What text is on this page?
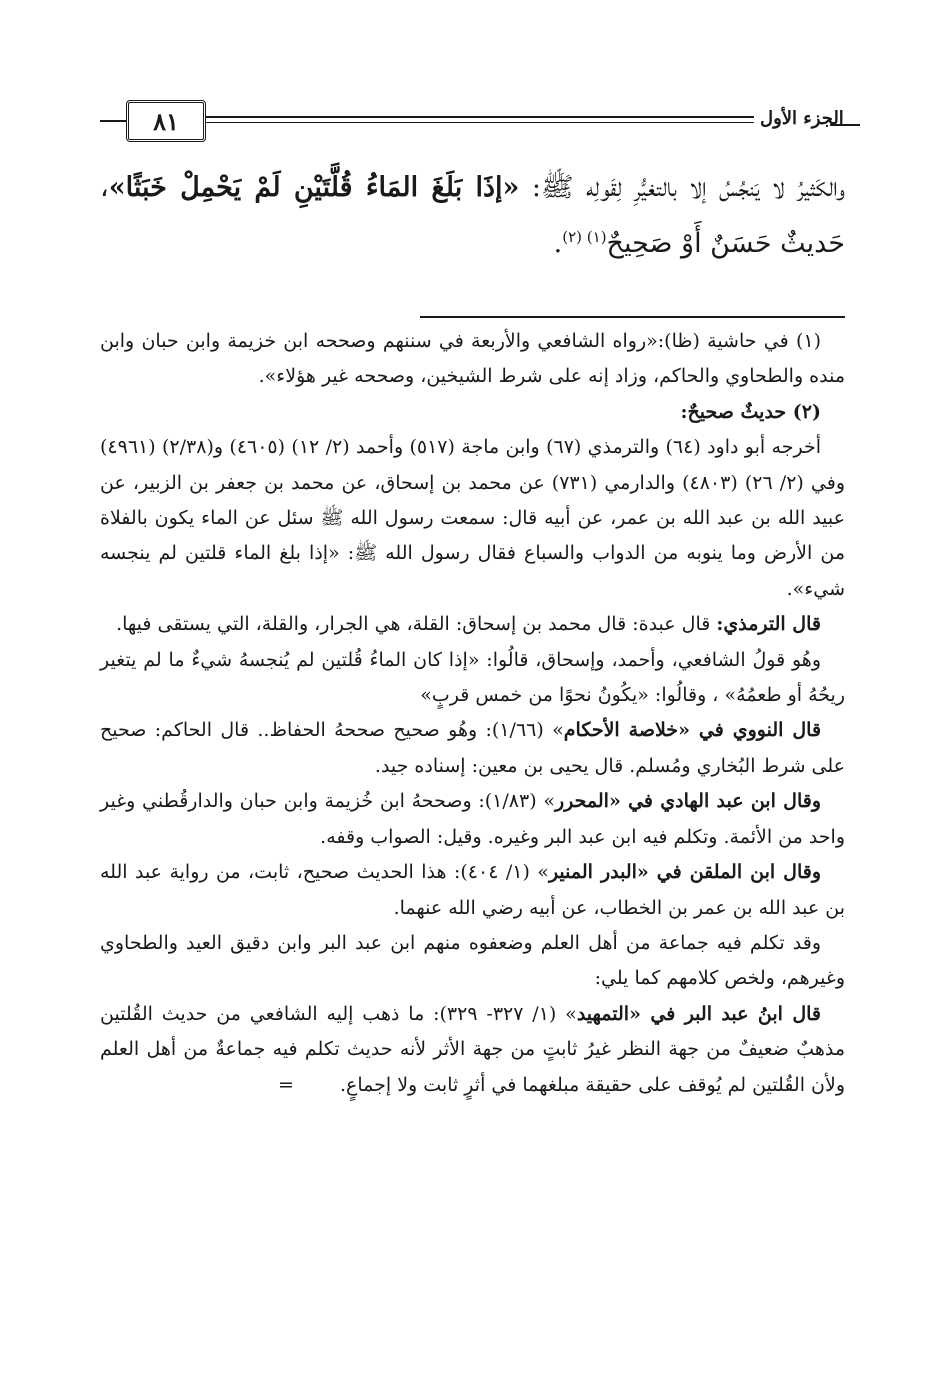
٨١	الجزء الأول
والكَثيرُ لا يَنجُسُ إلا بالتغيُّرِ لِقَولِه ﷺ: «إذَا بَلَغَ المَاءُ قُلَّتَيْنِ لَمْ يَحْمِلْ خَبَثًا»، حَديثٌ حَسَنٌ أَوْ صَحِيحٌ$^{(١) (٢)}$.

(١) في حاشية (ظا):«رواه الشافعي والأربعة في سننهم وصححه ابن خزيمة وابن حبان وابن منده والطحاوي والحاكم، وزاد إنه على شرط الشيخين، وصححه غير هؤلاء».

(٢) حديثٌ صحيحٌ:

أخرجه أبو داود (٦٤) والترمذي (٦٧) وابن ماجة (٥١٧) وأحمد (٢/ ١٢) (٤٦٠٥) و(٢/٣٨) (٤٩٦١) وفي (٢/ ٢٦) (٤٨٠٣) والدارمي (٧٣١) عن محمد بن إسحاق، عن محمد بن جعفر بن الزبير، عن عبيد الله بن عبد الله بن عمر، عن أبيه قال: سمعت رسول الله ﷺ سئل عن الماء يكون بالفلاة من الأرض وما ينوبه من الدواب والسباع فقال رسول الله ﷺ: «إذا بلغ الماء قلتين لم ينجسه شيء».

قال الترمذي: قال عبدة: قال محمد بن إسحاق: القلة، هي الجرار، والقلة، التي يستقى فيها.

وهُو قولُ الشافعي، وأحمد، وإسحاق، قالُوا: «إذا كان الماءُ قُلتين لم يُنجسهُ شيءٌ ما لم يتغير ريحُهُ أو طعمُهُ» ، وقالُوا: «يكُونُ نحوًا من خمس قربٍ»

قال النووي في «خلاصة الأحكام» (١/٦٦): وهُو صحيح صححهُ الحفاظ.. قال الحاكم: صحيح على شرط البُخاري ومُسلم. قال يحيى بن معين: إسناده جيد.

وقال ابن عبد الهادي في «المحرر» (١/٨٣): وصححهُ ابن خُزيمة وابن حبان والدارقُطني وغير واحد من الأئمة. وتكلم فيه ابن عبد البر وغيره. وقيل: الصواب وقفه.

وقال ابن الملقن في «البدر المنير» (١/ ٤٠٤): هذا الحديث صحيح، ثابت، من رواية عبد الله بن عبد الله بن عمر بن الخطاب، عن أبيه رضي الله عنهما.

وقد تكلم فيه جماعة من أهل العلم وضعفوه منهم ابن عبد البر وابن دقيق العيد والطحاوي وغيرهم، ولخص كلامهم كما يلي:

قال ابنُ عبد البر في «التمهيد» (١/ ٣٢٧- ٣٢٩): ما ذهب إليه الشافعي من حديث القُلتين مذهبٌ ضعيفٌ من جهة النظر غيرُ ثابتٍ من جهة الأثر لأنه حديث تكلم فيه جماعةٌ من أهل العلم ولأن القُلتين لم يُوقف على حقيقة مبلغهما في أثرٍ ثابت ولا إجماعٍ. =
